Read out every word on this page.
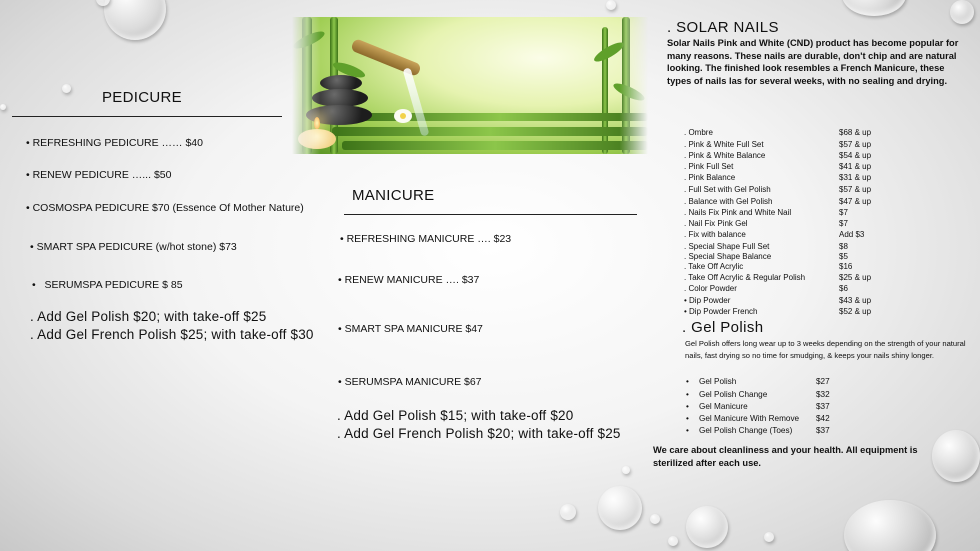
PEDICURE
• REFRESHING PEDICURE …… $40
• RENEW PEDICURE …... $50
• COSMOSPA PEDICURE $70 (Essence Of Mother Nature)
• SMART SPA PEDICURE (w/hot stone) $73
•   SERUMSPA PEDICURE $ 85
. Add Gel Polish $20; with take-off $25
. Add Gel French Polish $25; with take-off $30
MANICURE
• REFRESHING MANICURE …. $23
• RENEW MANICURE …. $37
• SMART SPA MANICURE $47
• SERUMSPA MANICURE $67
. Add Gel Polish $15; with take-off $20
. Add Gel French Polish $20; with take-off $25
. SOLAR NAILS
Solar Nails Pink and White (CND) product has become popular for many reasons. These nails are durable, don't chip and are natural looking. The finished look resembles a French Manicure, these types of nails las for several weeks, with no sealing and drying.
. Ombre	$68 & up
. Pink & White Full Set	$57 & up
. Pink & White Balance	$54 & up
. Pink Full Set	$41 & up
. Pink Balance	$31 & up
. Full Set with Gel Polish	$57 & up
. Balance with Gel Polish	$47 & up
. Nails Fix Pink and White Nail	$7
. Nail Fix Pink Gel	$7
. Fix with balance	Add $3
. Special Shape Full Set	$8
. Special Shape Balance	$5
. Take Off Acrylic	$16
. Take Off Acrylic & Regular Polish	$25 & up
. Color Powder	$6
• Dip Powder	$43 & up
• Dip Powder French	$52 & up
. Gel Polish
Gel Polish offers long wear up to 3 weeks depending on the strength of your natural nails, fast drying so no time for smudging, & keeps your nails shiny longer.
• Gel Polish	$27
• Gel Polish Change	$32
• Gel Manicure	$37
• Gel Manicure With Remove $42
• Gel Polish Change (Toes)	$37
We care about cleanliness and your health. All equipment is sterilized after each use.
